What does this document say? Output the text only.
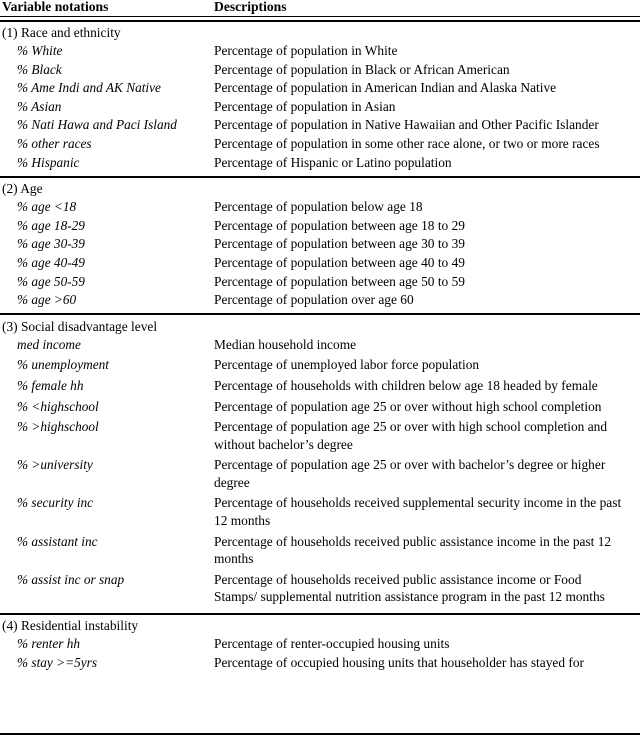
Variable notations	Descriptions

(1) Race and ethnicity	
% White	Percentage of population in White
% Black	Percentage of population in Black or African American
% Ame Indi and AK Native	Percentage of population in American Indian and Alaska Native
% Asian	Percentage of population in Asian
% Nati Hawa and Paci Island	Percentage of population in Native Hawaiian and Other Pacific Islander
% other races	Percentage of population in some other race alone, or two or more races
% Hispanic	Percentage of Hispanic or Latino population

(2) Age	
% age <18	Percentage of population below age 18
% age 18-29	Percentage of population between age 18 to 29
% age 30-39	Percentage of population between age 30 to 39
% age 40-49	Percentage of population between age 40 to 49
% age 50-59	Percentage of population between age 50 to 59
% age >60	Percentage of population over age 60

(3) Social disadvantage level	
med income	Median household income
% unemployment	Percentage of unemployed labor force population
% female hh	Percentage of households with children below age 18 headed by female
% <highschool	Percentage of population age 25 or over without high school completion
% >highschool	Percentage of population age 25 or over with high school completion and without bachelor’s degree
% >university	Percentage of population age 25 or over with bachelor’s degree or higher degree
% security inc	Percentage of households received supplemental security income in the past 12 months
% assistant inc	Percentage of households received public assistance income in the past 12 months
% assist inc or snap	Percentage of households received public assistance income or Food Stamps/ supplemental nutrition assistance program in the past 12 months

(4) Residential instability	
% renter hh	Percentage of renter-occupied housing units
% stay >=5yrs	Percentage of occupied housing units that householder has stayed for
